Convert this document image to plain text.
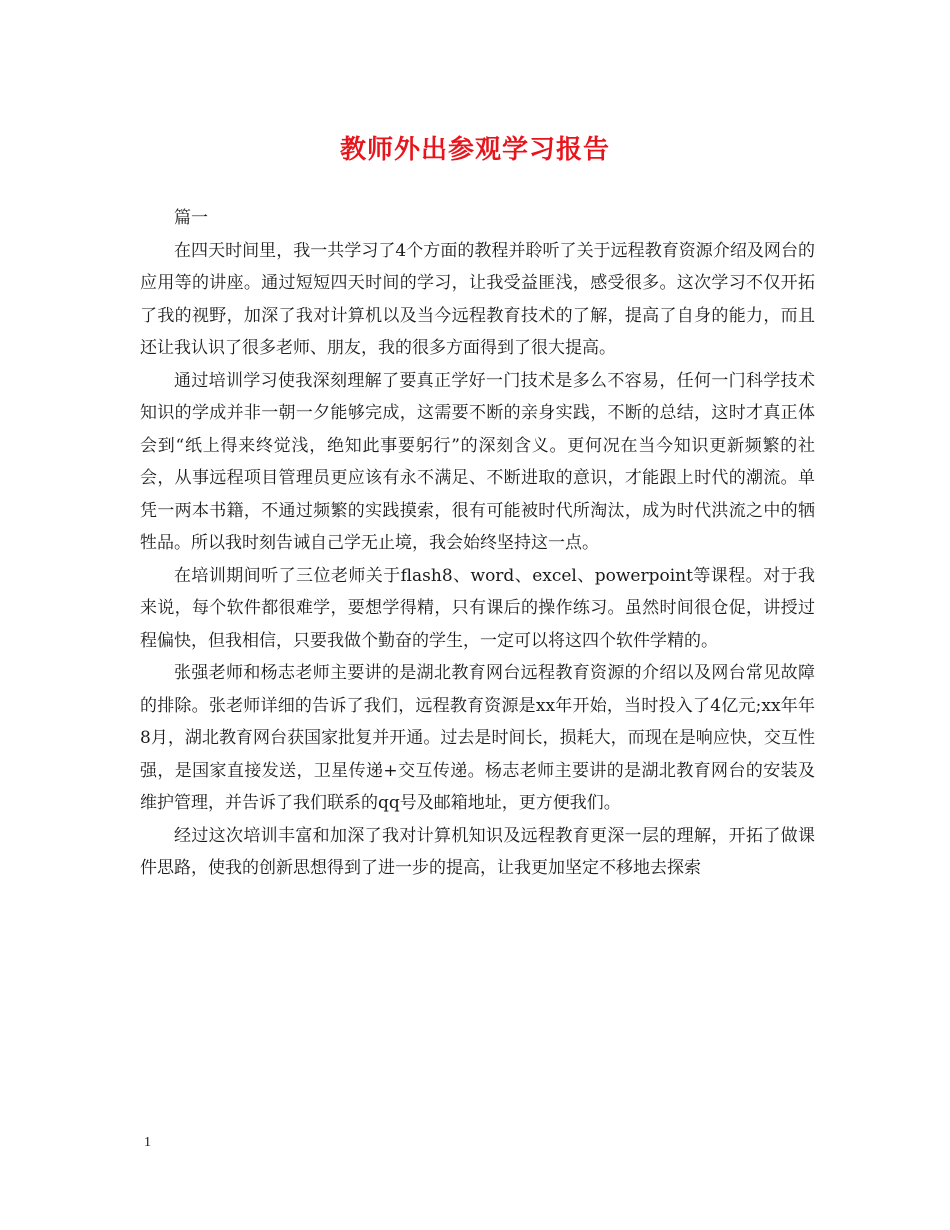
教师外出参观学习报告

篇一

在四天时间里，我一共学习了4个方面的教程并聆听了关于远程教育资源介绍及网台的应用等的讲座。通过短短四天时间的学习，让我受益匪浅，感受很多。这次学习不仅开拓了我的视野，加深了我对计算机以及当今远程教育技术的了解，提高了自身的能力，而且还让我认识了很多老师、朋友，我的很多方面得到了很大提高。

通过培训学习使我深刻理解了要真正学好一门技术是多么不容易，任何一门科学技术知识的学成并非一朝一夕能够完成，这需要不断的亲身实践，不断的总结，这时才真正体会到“纸上得来终觉浅，绝知此事要躬行”的深刻含义。更何况在当今知识更新频繁的社会，从事远程项目管理员更应该有永不满足、不断进取的意识，才能跟上时代的潮流。单凭一两本书籍，不通过频繁的实践摸索，很有可能被时代所淘汰，成为时代洪流之中的牺牲品。所以我时刻告诫自己学无止境，我会始终坚持这一点。

在培训期间听了三位老师关于flash8、word、excel、powerpoint等课程。对于我来说，每个软件都很难学，要想学得精，只有课后的操作练习。虽然时间很仓促，讲授过程偏快，但我相信，只要我做个勤奋的学生，一定可以将这四个软件学精的。

张强老师和杨志老师主要讲的是湖北教育网台远程教育资源的介绍以及网台常见故障的排除。张老师详细的告诉了我们，远程教育资源是xx年开始，当时投入了4亿元;xx年年8月，湖北教育网台获国家批复并开通。过去是时间长，损耗大，而现在是响应快，交互性强，是国家直接发送，卫星传递+交互传递。杨志老师主要讲的是湖北教育网台的安装及维护管理，并告诉了我们联系的qq号及邮箱地址，更方便我们。

经过这次培训丰富和加深了我对计算机知识及远程教育更深一层的理解，开拓了做课件思路，使我的创新思想得到了进一步的提高，让我更加坚定不移地去探索

1
